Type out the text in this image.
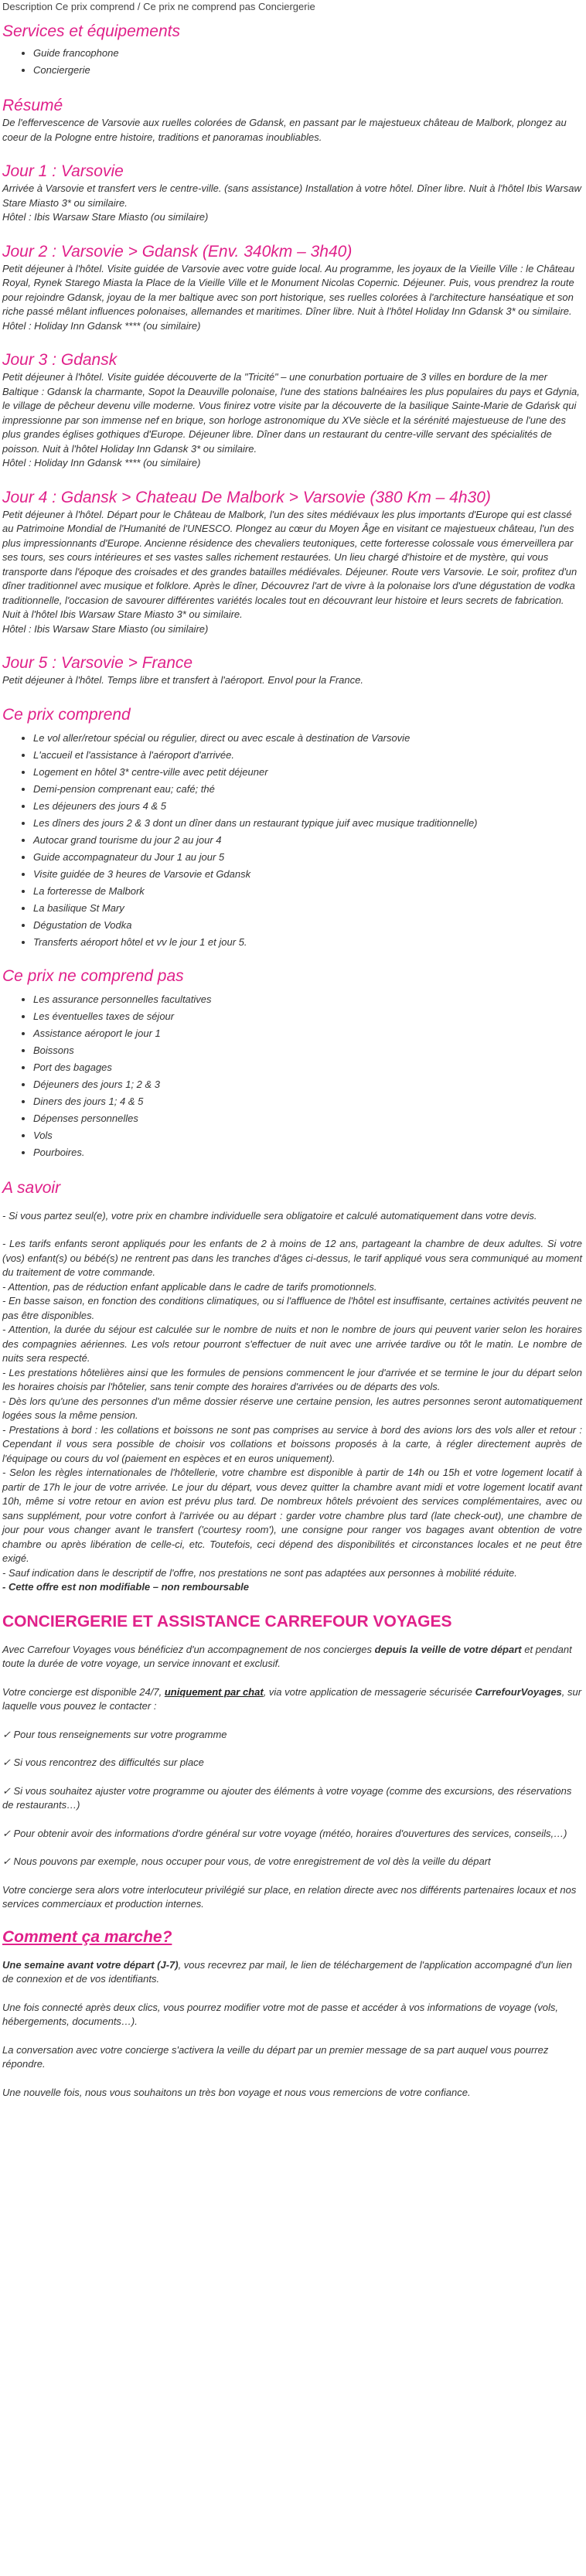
Description Ce prix comprend / Ce prix ne comprend pas Conciergerie
Services et équipements
• Guide francophone
• Conciergerie
Résumé

De l'effervescence de Varsovie aux ruelles colorées de Gdansk, en passant par le majestueux château de Malbork, plongez au coeur de la Pologne entre histoire, traditions et panoramas inoubliables.

Jour 1 : Varsovie

Arrivée à Varsovie et transfert vers le centre-ville. (sans assistance) Installation à votre hôtel. Dîner libre. Nuit à l'hôtel Ibis Warsaw Stare Miasto 3* ou similaire.

Hôtel : Ibis Warsaw Stare Miasto (ou similaire)

Jour 2 : Varsovie > Gdansk (Env. 340km – 3h40)

Petit déjeuner à l'hôtel. Visite guidée de Varsovie avec votre guide local. Au programme, les joyaux de la Vieille Ville : le Château Royal, Rynek Starego Miasta la Place de la Vieille Ville et le Monument Nicolas Copernic. Déjeuner. Puis, vous prendrez la route pour rejoindre Gdansk, joyau de la mer baltique avec son port historique, ses ruelles colorées à l'architecture hanséatique et son riche passé mêlant influences polonaises, allemandes et maritimes. Dîner libre. Nuit à l'hôtel Holiday Inn Gdansk 3* ou similaire.

Hôtel : Holiday Inn Gdansk **** (ou similaire)

Jour 3 : Gdansk

Petit déjeuner à l'hôtel. Visite guidée découverte de la "Tricité" – une conurbation portuaire de 3 villes en bordure de la mer Baltique : Gdansk la charmante, Sopot la Deauville polonaise, l'une des stations balnéaires les plus populaires du pays et Gdynia, le village de pêcheur devenu ville moderne. Vous finirez votre visite par la découverte de la basilique Sainte-Marie de Gdańsk qui impressionne par son immense nef en brique, son horloge astronomique du XVe siècle et la sérénité majestueuse de l'une des plus grandes églises gothiques d'Europe. Déjeuner libre. Dîner dans un restaurant du centre-ville servant des spécialités de poisson. Nuit à l'hôtel Holiday Inn Gdansk 3* ou similaire.

Hôtel : Holiday Inn Gdansk **** (ou similaire)

Jour 4 : Gdansk > Chateau De Malbork > Varsovie (380 Km – 4h30)

Petit déjeuner à l'hôtel. Départ pour le Château de Malbork, l'un des sites médiévaux les plus importants d'Europe qui est classé au Patrimoine Mondial de l'Humanité de l'UNESCO. Plongez au cœur du Moyen Âge en visitant ce majestueux château, l'un des plus impressionnants d'Europe. Ancienne résidence des chevaliers teutoniques, cette forteresse colossale vous émerveillera par ses tours, ses cours intérieures et ses vastes salles richement restaurées. Un lieu chargé d'histoire et de mystère, qui vous transporte dans l'époque des croisades et des grandes batailles médiévales. Déjeuner. Route vers Varsovie. Le soir, profitez d'un dîner traditionnel avec musique et folklore. Après le dîner, Découvrez l'art de vivre à la polonaise lors d'une dégustation de vodka traditionnelle, l'occasion de savourer différentes variétés locales tout en découvrant leur histoire et leurs secrets de fabrication. Nuit à l'hôtel Ibis Warsaw Stare Miasto 3* ou similaire.

Hôtel : Ibis Warsaw Stare Miasto (ou similaire)

Jour 5 : Varsovie > France

Petit déjeuner à l'hôtel. Temps libre et transfert à l'aéroport. Envol pour la France.

Ce prix comprend
• Le vol aller/retour spécial ou régulier, direct ou avec escale à destination de Varsovie
• L'accueil et l'assistance à l'aéroport d'arrivée.
• Logement en hôtel 3* centre-ville avec petit déjeuner
• Demi-pension comprenant eau; café; thé
• Les déjeuners des jours 4 & 5
• Les dîners des jours 2 & 3 dont un dîner dans un restaurant typique juif avec musique traditionnelle)
• Autocar grand tourisme du jour 2 au jour 4
• Guide accompagnateur du Jour 1 au jour 5
• Visite guidée de 3 heures de Varsovie et Gdansk
• La forteresse de Malbork
• La basilique St Mary
• Dégustation de Vodka
• Transferts aéroport hôtel et vv le jour 1 et jour 5.
Ce prix ne comprend pas
• Les assurance personnelles facultatives
• Les éventuelles taxes de séjour
• Assistance aéroport le jour 1
• Boissons
• Port des bagages
• Déjeuners des jours 1; 2 & 3
• Diners des jours 1; 4 & 5
• Dépenses personnelles
• Vols
• Pourboires.
A savoir

- Si vous partez seul(e), votre prix en chambre individuelle sera obligatoire et calculé automatiquement dans votre devis.

- Les tarifs enfants seront appliqués pour les enfants de 2 à moins de 12 ans, partageant la chambre de deux adultes. Si votre (vos) enfant(s) ou bébé(s) ne rentrent pas dans les tranches d'âges ci-dessus, le tarif appliqué vous sera communiqué au moment du traitement de votre commande.

- Attention, pas de réduction enfant applicable dans le cadre de tarifs promotionnels.

- En basse saison, en fonction des conditions climatiques, ou si l'affluence de l'hôtel est insuffisante, certaines activités peuvent ne pas être disponibles.

- Attention, la durée du séjour est calculée sur le nombre de nuits et non le nombre de jours qui peuvent varier selon les horaires des compagnies aériennes. Les vols retour pourront s'effectuer de nuit avec une arrivée tardive ou tôt le matin. Le nombre de nuits sera respecté.

- Les prestations hôtelières ainsi que les formules de pensions commencent le jour d'arrivée et se termine le jour du départ selon les horaires choisis par l'hôtelier, sans tenir compte des horaires d'arrivées ou de départs des vols.

- Dès lors qu'une des personnes d'un même dossier réserve une certaine pension, les autres personnes seront automatiquement logées sous la même pension.

- Prestations à bord : les collations et boissons ne sont pas comprises au service à bord des avions lors des vols aller et retour : Cependant il vous sera possible de choisir vos collations et boissons proposés à la carte, à régler directement auprès de l'équipage ou cours du vol (paiement en espèces et en euros uniquement).

- Selon les règles internationales de l'hôtellerie, votre chambre est disponible à partir de 14h ou 15h et votre logement locatif à partir de 17h le jour de votre arrivée. Le jour du départ, vous devez quitter la chambre avant midi et votre logement locatif avant 10h, même si votre retour en avion est prévu plus tard. De nombreux hôtels prévoient des services complémentaires, avec ou sans supplément, pour votre confort à l'arrivée ou au départ : garder votre chambre plus tard (late check-out), une chambre de jour pour vous changer avant le transfert ('courtesy room'), une consigne pour ranger vos bagages avant obtention de votre chambre ou après libération de celle-ci, etc. Toutefois, ceci dépend des disponibilités et circonstances locales et ne peut être exigé.

- Sauf indication dans le descriptif de l'offre, nos prestations ne sont pas adaptées aux personnes à mobilité réduite.

- Cette offre est non modifiable – non remboursable

CONCIERGERIE ET ASSISTANCE CARREFOUR VOYAGES

Avec Carrefour Voyages vous bénéficiez d'un accompagnement de nos concierges depuis la veille de votre départ et pendant toute la durée de votre voyage, un service innovant et exclusif.

Votre concierge est disponible 24/7, uniquement par chat, via votre application de messagerie sécurisée CarrefourVoyages, sur laquelle vous pouvez le contacter :

✓ Pour tous renseignements sur votre programme

✓ Si vous rencontrez des difficultés sur place

✓ Si vous souhaitez ajuster votre programme ou ajouter des éléments à votre voyage (comme des excursions, des réservations de restaurants…)

✓ Pour obtenir avoir des informations d'ordre général sur votre voyage (météo, horaires d'ouvertures des services, conseils,…)

✓ Nous pouvons par exemple, nous occuper pour vous, de votre enregistrement de vol dès la veille du départ

Votre concierge sera alors votre interlocuteur privilégié sur place, en relation directe avec nos différents partenaires locaux et nos services commerciaux et production internes.

Comment ça marche?

Une semaine avant votre départ (J-7), vous recevrez par mail, le lien de téléchargement de l'application accompagné d'un lien de connexion et de vos identifiants.

Une fois connecté après deux clics, vous pourrez modifier votre mot de passe et accéder à vos informations de voyage (vols, hébergements, documents…).

La conversation avec votre concierge s'activera la veille du départ par un premier message de sa part auquel vous pourrez répondre.

Une nouvelle fois, nous vous souhaitons un très bon voyage et nous vous remercions de votre confiance.
